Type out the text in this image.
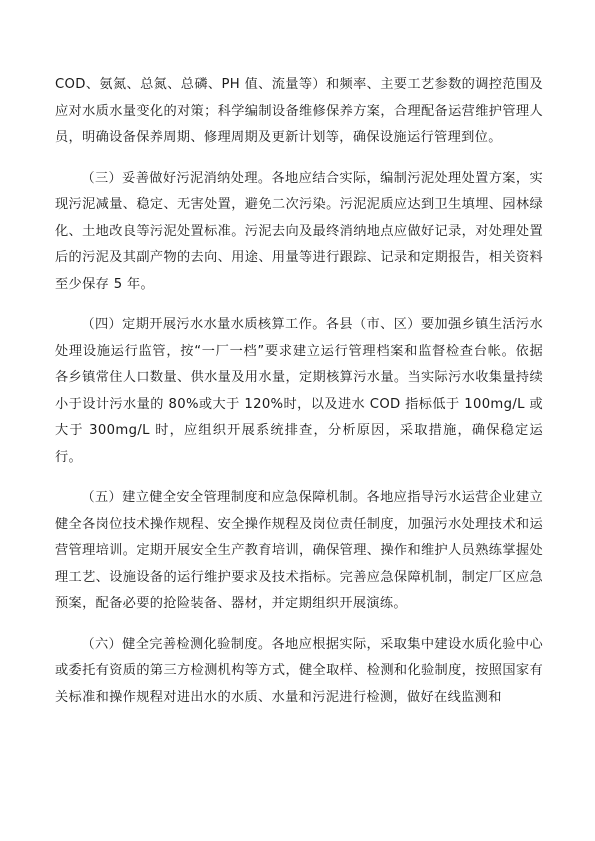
COD、氨氮、总氮、总磷、PH 值、流量等）和频率、主要工艺参数的调控范围及应对水质水量变化的对策；科学编制设备维修保养方案，合理配备运营维护管理人员，明确设备保养周期、修理周期及更新计划等，确保设施运行管理到位。

（三）妥善做好污泥消纳处理。各地应结合实际，编制污泥处理处置方案，实现污泥减量、稳定、无害处置，避免二次污染。污泥泥质应达到卫生填埋、园林绿化、土地改良等污泥处置标准。污泥去向及最终消纳地点应做好记录，对处理处置后的污泥及其副产物的去向、用途、用量等进行跟踪、记录和定期报告，相关资料至少保存 5 年。

（四）定期开展污水水量水质核算工作。各县（市、区）要加强乡镇生活污水处理设施运行监管，按“一厂一档”要求建立运行管理档案和监督检查台帐。依据各乡镇常住人口数量、供水量及用水量，定期核算污水量。当实际污水收集量持续小于设计污水量的 80%或大于 120%时，以及进水 COD 指标低于 100mg/L 或大于 300mg/L 时，应组织开展系统排查，分析原因，采取措施，确保稳定运行。

（五）建立健全安全管理制度和应急保障机制。各地应指导污水运营企业建立健全各岗位技术操作规程、安全操作规程及岗位责任制度，加强污水处理技术和运营管理培训。定期开展安全生产教育培训，确保管理、操作和维护人员熟练掌握处理工艺、设施设备的运行维护要求及技术指标。完善应急保障机制，制定厂区应急预案，配备必要的抢险装备、器材，并定期组织开展演练。

（六）健全完善检测化验制度。各地应根据实际，采取集中建设水质化验中心或委托有资质的第三方检测机构等方式，健全取样、检测和化验制度，按照国家有关标准和操作规程对进出水的水质、水量和污泥进行检测，做好在线监测和
